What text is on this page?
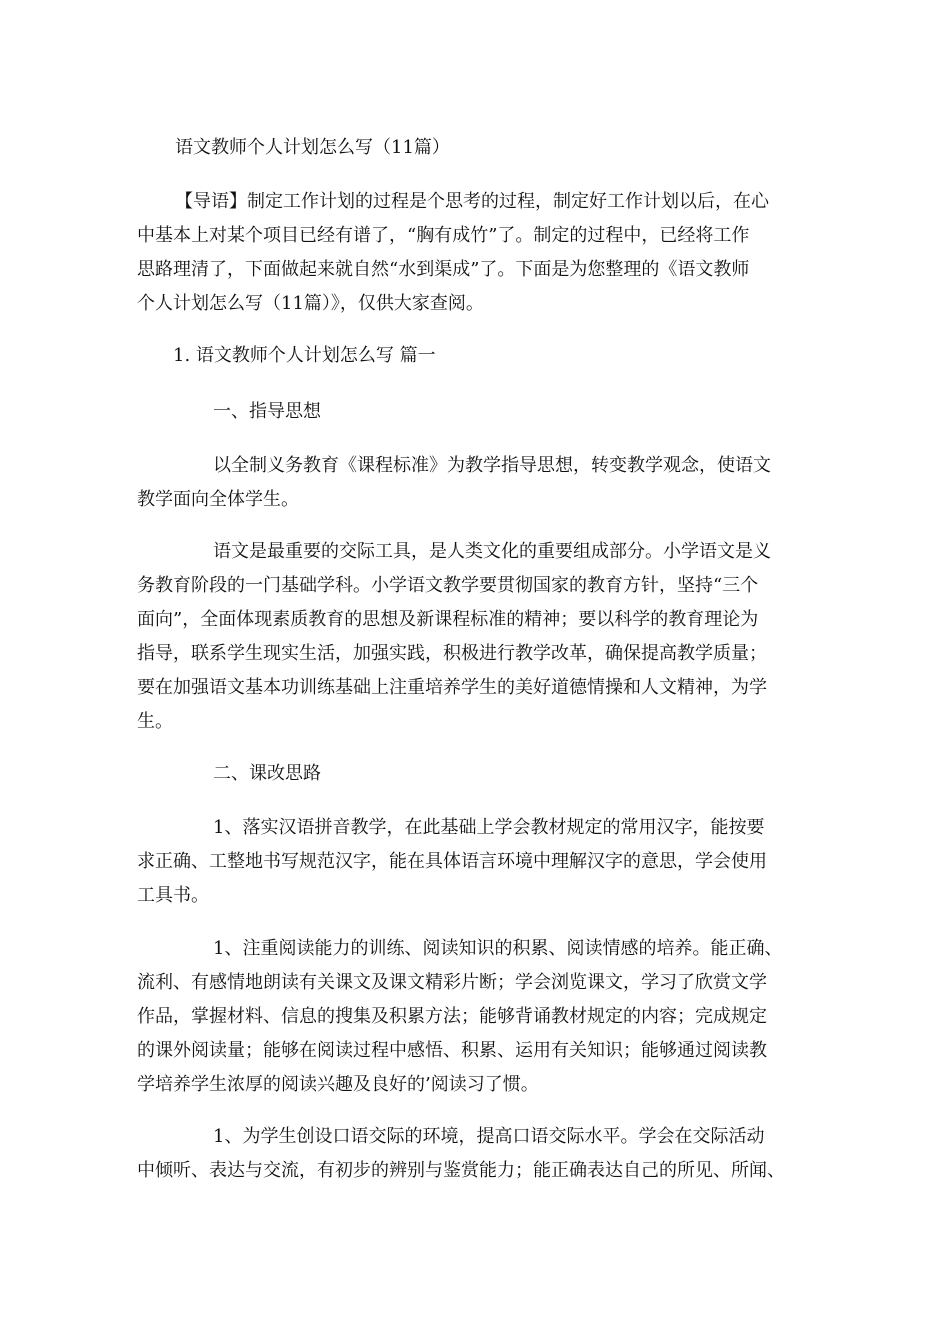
语文教师个人计划怎么写（11篇）
【导语】制定工作计划的过程是个思考的过程，制定好工作计划以后，在心
中基本上对某个项目已经有谱了，“胸有成竹”了。制定的过程中，已经将工作
思路理清了，下面做起来就自然“水到渠成”了。下面是为您整理的《语文教师
个人计划怎么写（11篇）》，仅供大家查阅。
1. 语文教师个人计划怎么写 篇一
一、指导思想
以全制义务教育《课程标准》为教学指导思想，转变教学观念，使语文
教学面向全体学生。
语文是最重要的交际工具，是人类文化的重要组成部分。小学语文是义
务教育阶段的一门基础学科。小学语文教学要贯彻国家的教育方针，坚持“三个
面向”，全面体现素质教育的思想及新课程标准的精神；要以科学的教育理论为
指导，联系学生现实生活，加强实践，积极进行教学改革，确保提高教学质量；
要在加强语文基本功训练基础上注重培养学生的美好道德情操和人文精神，为学
生。
二、课改思路
1、落实汉语拼音教学，在此基础上学会教材规定的常用汉字，能按要
求正确、工整地书写规范汉字，能在具体语言环境中理解汉字的意思，学会使用
工具书。
1、注重阅读能力的训练、阅读知识的积累、阅读情感的培养。能正确、
流利、有感情地朗读有关课文及课文精彩片断；学会浏览课文，学习了欣赏文学
作品，掌握材料、信息的搜集及积累方法；能够背诵教材规定的内容；完成规定
的课外阅读量；能够在阅读过程中感悟、积累、运用有关知识；能够通过阅读教
学培养学生浓厚的阅读兴趣及良好的’阅读习了惯。
1、为学生创设口语交际的环境，提高口语交际水平。学会在交际活动
中倾听、表达与交流，有初步的辨别与鉴赏能力；能正确表达自己的所见、所闻、
